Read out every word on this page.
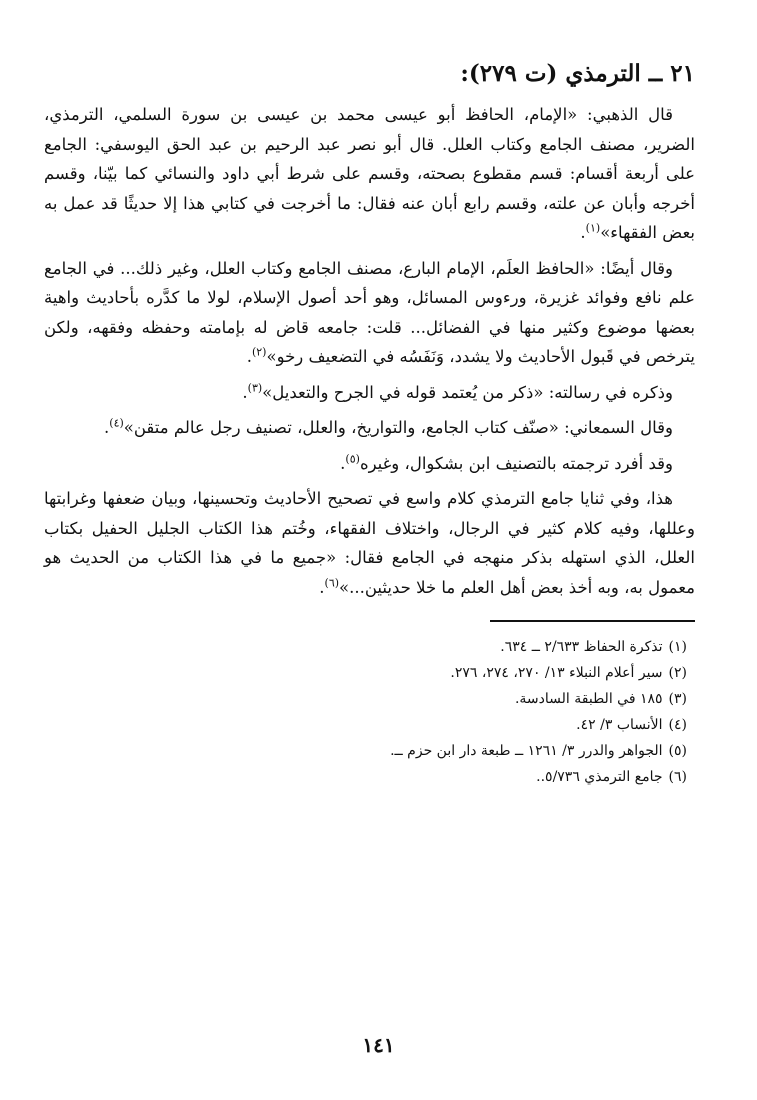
٢١ ــ الترمذي (ت ٢٧٩):

قال الذهبي: «الإمام، الحافظ أبو عيسى محمد بن عيسى بن سورة السلمي، الترمذي، الضرير، مصنف الجامع وكتاب العلل. قال أبو نصر عبد الرحيم بن عبد الحق اليوسفي: الجامع على أربعة أقسام: قسم مقطوع بصحته، وقسم على شرط أبي داود والنسائي كما بيّنا، وقسم أخرجه وأبان عن علته، وقسم رابع أبان عنه فقال: ما أخرجت في كتابي هذا إلا حديثًا قد عمل به بعض الفقهاء»$^{(١)}$.

وقال أيضًا: «الحافظ العلَم، الإمام البارع، مصنف الجامع وكتاب العلل، وغير ذلك... في الجامع علم نافع وفوائد غزيرة، ورءوس المسائل، وهو أحد أصول الإسلام، لولا ما كدَّره بأحاديث واهية بعضها موضوع وكثير منها في الفضائل... قلت: جامعه قاض له بإمامته وحفظه وفقهه، ولكن يترخص في قَبول الأحاديث ولا يشدد، وَنَفَسُه في التضعيف رخو»$^{(٢)}$.

وذكره في رسالته: «ذكر من يُعتمد قوله في الجرح والتعديل»$^{(٣)}$.

وقال السمعاني: «صنّف كتاب الجامع، والتواريخ، والعلل، تصنيف رجل عالم متقن»$^{(٤)}$.

وقد أفرد ترجمته بالتصنيف ابن بشكوال، وغيره$^{(٥)}$.

هذا، وفي ثنايا جامع الترمذي كلام واسع في تصحيح الأحاديث وتحسينها، وبيان ضعفها وغرابتها وعللها، وفيه كلام كثير في الرجال، واختلاف الفقهاء، وخُتم هذا الكتاب الجليل الحفيل بكتاب العلل، الذي استهله بذكر منهجه في الجامع فقال: «جميع ما في هذا الكتاب من الحديث هو معمول به، وبه أخذ بعض أهل العلم ما خلا حديثين...»$^{(٦)}$.

(١)تذكرة الحفاظ ٢/٦٣٣ ــ ٦٣٤.
(٢)سير أعلام النبلاء ١٣/ ٢٧٠، ٢٧٤، ٢٧٦.
(٣)١٨٥ في الطبقة السادسة.
(٤)الأنساب ٣/ ٤٢.
(٥)الجواهر والدرر ٣/ ١٢٦١ ــ طبعة دار ابن حزم ــ.
(٦)جامع الترمذي ٥/٧٣٦..
١٤١
